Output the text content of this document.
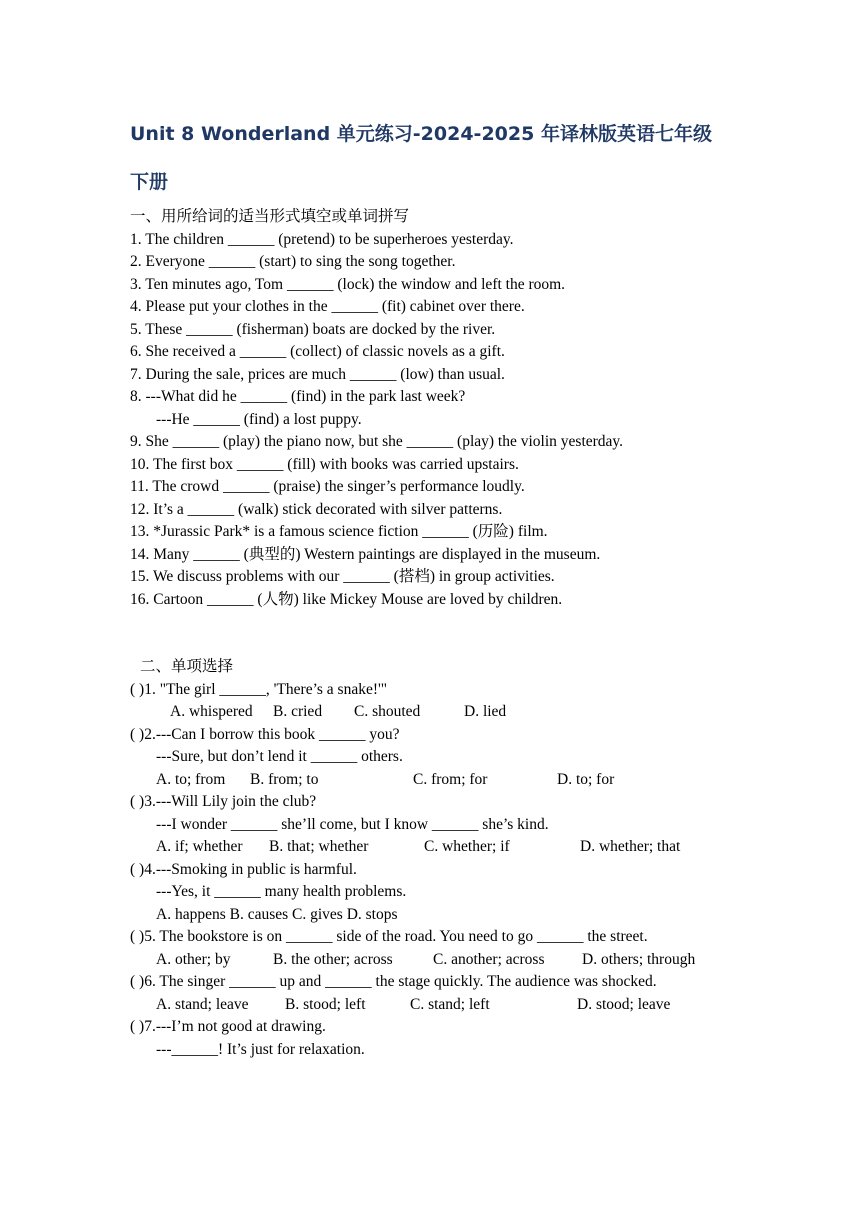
Unit 8 Wonderland 单元练习-2024-2025 年译林版英语七年级

下册

一、用所给词的适当形式填空或单词拼写

1. The children ______ (pretend) to be superheroes yesterday.

2. Everyone ______ (start) to sing the song together.

3. Ten minutes ago, Tom ______ (lock) the window and left the room.

4. Please put your clothes in the ______ (fit) cabinet over there.

5. These ______ (fisherman) boats are docked by the river.

6. She received a ______ (collect) of classic novels as a gift.

7. During the sale, prices are much ______ (low) than usual.

8. ---What did he ______ (find) in the park last week?

---He ______ (find) a lost puppy.

9. She ______ (play) the piano now, but she ______ (play) the violin yesterday.

10. The first box ______ (fill) with books was carried upstairs.

11. The crowd ______ (praise) the singer’s performance loudly.

12. It’s a ______ (walk) stick decorated with silver patterns.

13. *Jurassic Park* is a famous science fiction ______ (历险) film.

14. Many ______ (典型的) Western paintings are displayed in the museum.

15. We discuss problems with our ______ (搭档) in group activities.

16. Cartoon ______ (人物) like Mickey Mouse are loved by children.

二、单项选择

( )1. "The girl ______, 'There’s a snake!'"

A. whispered B. cried C. shouted	D. lied

( )2.---Can I borrow this book ______ you?

---Sure, but don’t lend it ______ others.

A. to; from B. from; to	C. from; for	D. to; for

( )3.---Will Lily join the club?

---I wonder ______ she’ll come, but I know ______ she’s kind.

A. if; whether B. that; whether	C. whether; if	D. whether; that

( )4.---Smoking in public is harmful.

---Yes, it ______ many health problems.

A. happens B. causes C. gives D. stops

( )5. The bookstore is on ______ side of the road. You need to go ______ the street.

A. other; by	B. the other; across	C. another; across D. others; through

( )6. The singer ______ up and ______ the stage quickly. The audience was shocked.

A. stand; leave B. stood; left	C. stand; left	D. stood; leave

( )7.---I’m not good at drawing.

---______! It’s just for relaxation.
